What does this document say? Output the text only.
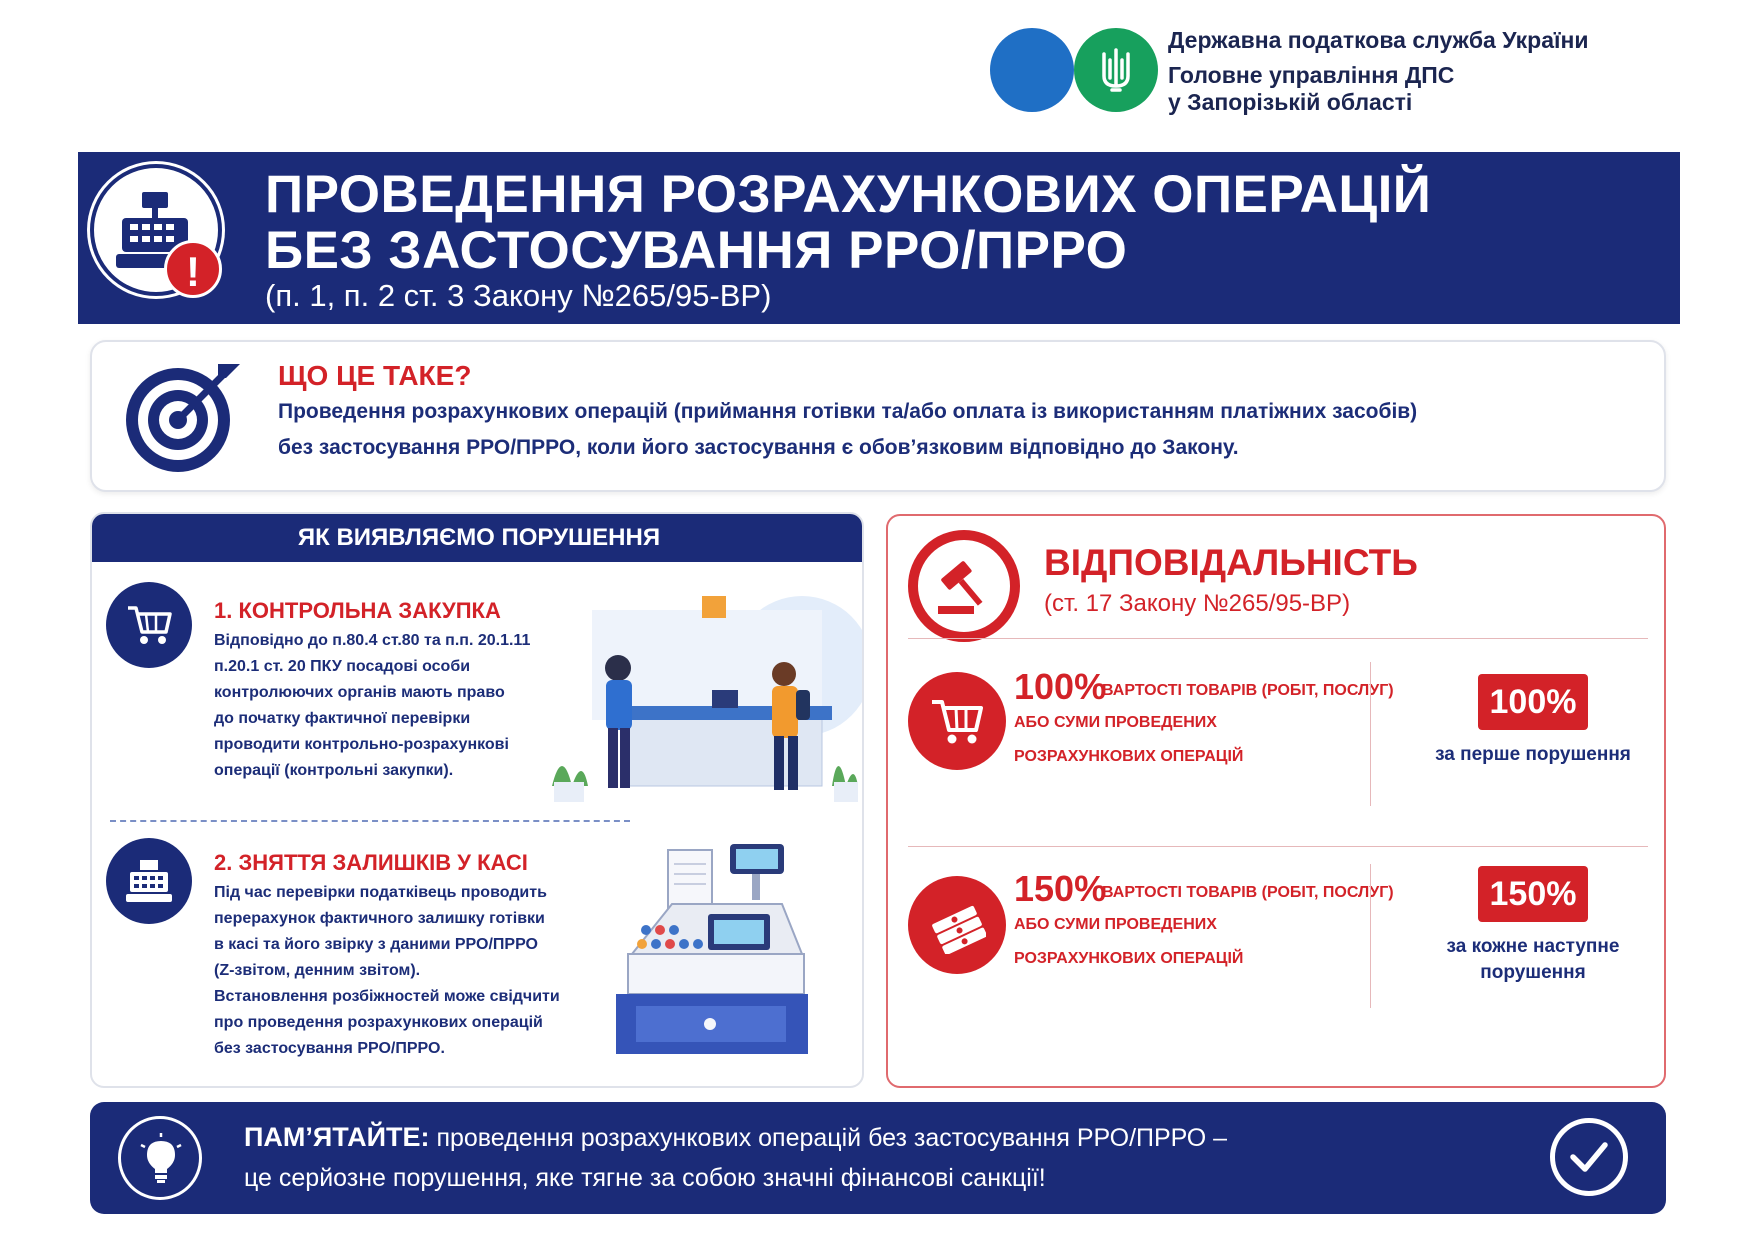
Державна податкова служба України
Головне управління ДПС
у Запорізькій області
!
ПРОВЕДЕННЯ РОЗРАХУНКОВИХ ОПЕРАЦІЙ
БЕЗ ЗАСТОСУВАННЯ РРО/ПРРО
(п. 1, п. 2 ст. 3 Закону №265/95-ВР)
ЩО ЦЕ ТАКЕ?
Проведення розрахункових операцій (приймання готівки та/або оплата із використанням платіжних засобів)
без застосування РРО/ПРРО, коли його застосування є обов’язковим відповідно до Закону.
ЯК ВИЯВЛЯЄМО ПОРУШЕННЯ
1. КОНТРОЛЬНА ЗАКУПКА
Відповідно до п.80.4 ст.80 та п.п. 20.1.11
п.20.1 ст. 20 ПКУ посадові особи
контролюючих органів мають право
до початку фактичної перевірки
проводити контрольно-розрахункові
операції (контрольні закупки).
2. ЗНЯТТЯ ЗАЛИШКІВ У КАСІ
Під час перевірки податківець проводить
перерахунок фактичного залишку готівки
в касі та його звірку з даними РРО/ПРРО
(Z-звітом, денним звітом).
Встановлення розбіжностей може свідчити
про проведення розрахункових операцій
без застосування РРО/ПРРО.
ВІДПОВІДАЛЬНІСТЬ
(ст. 17 Закону №265/95-ВР)
100%
ВАРТОСТІ ТОВАРІВ (РОБІТ, ПОСЛУГ)
АБО СУМИ ПРОВЕДЕНИХ
РОЗРАХУНКОВИХ ОПЕРАЦІЙ
100%
за перше порушення
150%
ВАРТОСТІ ТОВАРІВ (РОБІТ, ПОСЛУГ)
АБО СУМИ ПРОВЕДЕНИХ
РОЗРАХУНКОВИХ ОПЕРАЦІЙ
150%
за кожне наступне
порушення
ПАМ’ЯТАЙТЕ: проведення розрахункових операцій без застосування РРО/ПРРО –
це серйозне порушення, яке тягне за собою значні фінансові санкції!
